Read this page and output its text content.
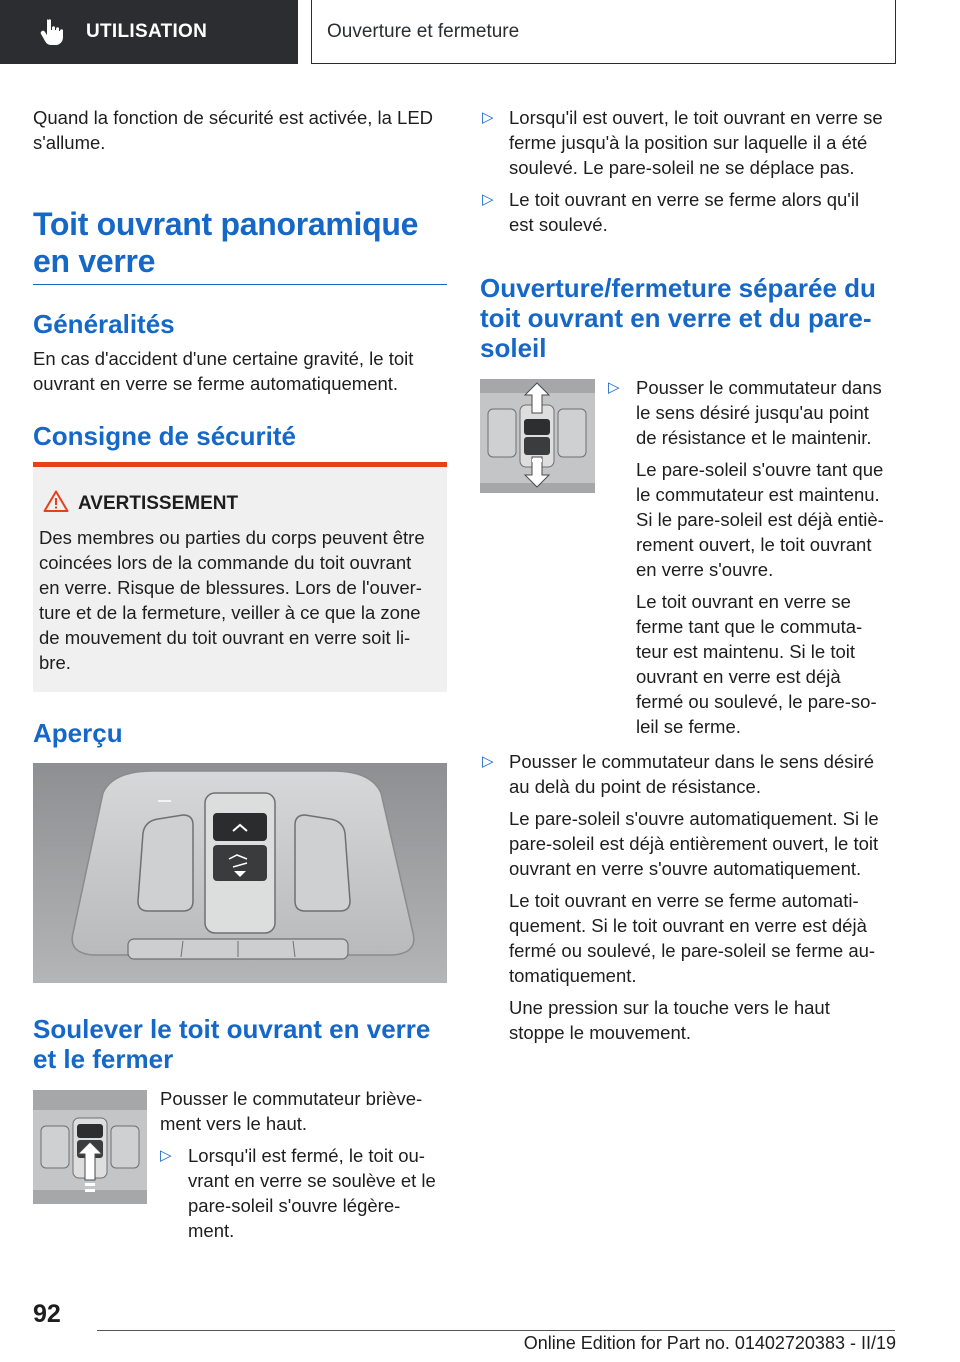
UTILISATION	Ouverture et fermeture
Quand la fonction de sécurité est activée, la LED s'allume.
Toit ouvrant panoramique
en verre
Généralités
En cas d'accident d'une certaine gravité, le toit
ouvrant en verre se ferme automatiquement.
Consigne de sécurité
AVERTISSEMENT
Des membres ou parties du corps peuvent être
coincées lors de la commande du toit ouvrant
en verre. Risque de blessures. Lors de l'ouver-
ture et de la fermeture, veiller à ce que la zone
de mouvement du toit ouvrant en verre soit li-
bre.
Aperçu
Soulever le toit ouvrant en verre
et le fermer
Pousser le commutateur briève-
ment vers le haut.
▷ Lorsqu'il est fermé, le toit ou-
vrant en verre se soulève et le
pare-soleil s'ouvre légère-
ment.
▷ Lorsqu'il est ouvert, le toit ouvrant en verre se
ferme jusqu'à la position sur laquelle il a été
soulevé. Le pare-soleil ne se déplace pas.
▷ Le toit ouvrant en verre se ferme alors qu'il
est soulevé.
Ouverture/fermeture séparée du
toit ouvrant en verre et du pare-
soleil
▷ Pousser le commutateur dans
le sens désiré jusqu'au point
de résistance et le maintenir.
Le pare-soleil s'ouvre tant que
le commutateur est maintenu.
Si le pare-soleil est déjà entiè-
rement ouvert, le toit ouvrant
en verre s'ouvre.
Le toit ouvrant en verre se
ferme tant que le commuta-
teur est maintenu. Si le toit
ouvrant en verre est déjà
fermé ou soulevé, le pare-so-
leil se ferme.
▷ Pousser le commutateur dans le sens désiré
au delà du point de résistance.
Le pare-soleil s'ouvre automatiquement. Si le
pare-soleil est déjà entièrement ouvert, le toit
ouvrant en verre s'ouvre automatiquement.
Le toit ouvrant en verre se ferme automati-
quement. Si le toit ouvrant en verre est déjà
fermé ou soulevé, le pare-soleil se ferme au-
tomatiquement.
Une pression sur la touche vers le haut
stoppe le mouvement.
92
Online Edition for Part no. 01402720383 - II/19
